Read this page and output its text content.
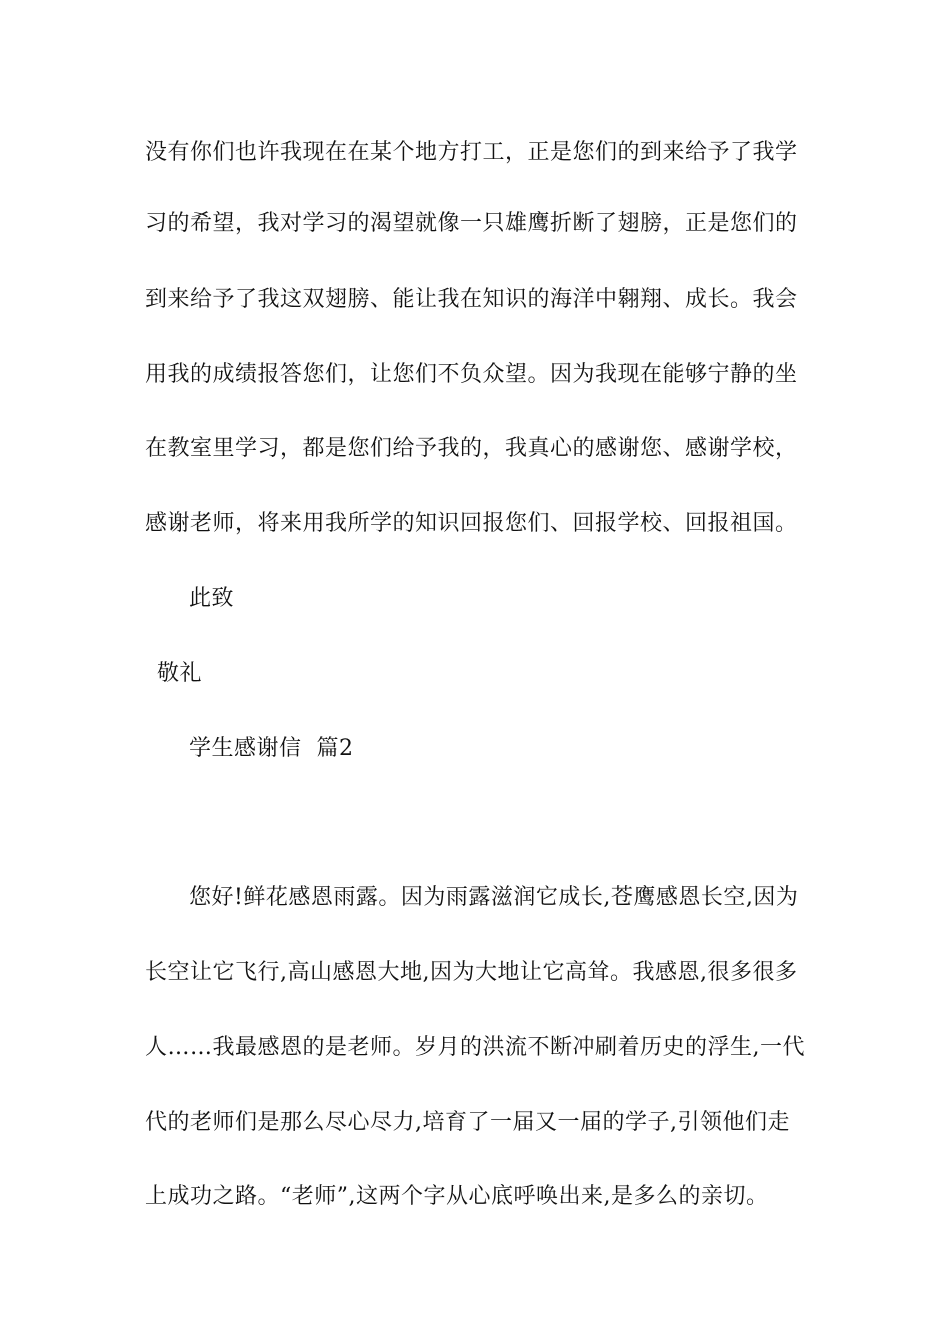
没有你们也许我现在在某个地方打工，正是您们的到来给予了我学
习的希望，我对学习的渴望就像一只雄鹰折断了翅膀，正是您们的
到来给予了我这双翅膀、能让我在知识的海洋中翱翔、成长。我会
用我的成绩报答您们，让您们不负众望。因为我现在能够宁静的坐
在教室里学习，都是您们给予我的，我真心的感谢您、感谢学校，
感谢老师，将来用我所学的知识回报您们、回报学校、回报祖国。
此致
敬礼
学生感谢信  篇2
您好!鲜花感恩雨露。因为雨露滋润它成长,苍鹰感恩长空,因为
长空让它飞行,高山感恩大地,因为大地让它高耸。我感恩,很多很多
人……我最感恩的是老师。岁月的洪流不断冲刷着历史的浮生,一代
代的老师们是那么尽心尽力,培育了一届又一届的学子,引领他们走
上成功之路。“老师”,这两个字从心底呼唤出来,是多么的亲切。
